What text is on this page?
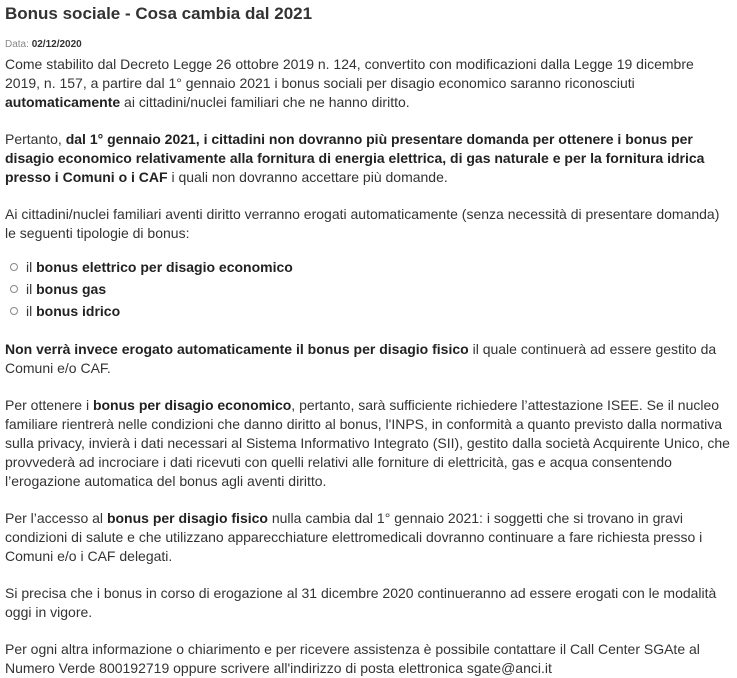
Bonus sociale - Cosa cambia dal 2021
Data: 02/12/2020

Come stabilito dal Decreto Legge 26 ottobre 2019 n. 124, convertito con modificazioni dalla Legge 19 dicembre 2019, n. 157, a partire dal 1° gennaio 2021 i bonus sociali per disagio economico saranno riconosciuti automaticamente ai cittadini/nuclei familiari che ne hanno diritto.

Pertanto, dal 1° gennaio 2021, i cittadini non dovranno più presentare domanda per ottenere i bonus per disagio economico relativamente alla fornitura di energia elettrica, di gas naturale e per la fornitura idrica presso i Comuni o i CAF i quali non dovranno accettare più domande.

Ai cittadini/nuclei familiari aventi diritto verranno erogati automaticamente (senza necessità di presentare domanda) le seguenti tipologie di bonus:

il
bonus elettrico per disagio economico
il
bonus gas
il
bonus idrico

Non verrà invece erogato automaticamente il bonus per disagio fisico il quale continuerà ad essere gestito da Comuni e/o CAF.

Per ottenere i bonus per disagio economico, pertanto, sarà sufficiente richiedere l’attestazione ISEE. Se il nucleo familiare rientrerà nelle condizioni che danno diritto al bonus, l'INPS, in conformità a quanto previsto dalla normativa sulla privacy, invierà i dati necessari al Sistema Informativo Integrato (SII), gestito dalla società Acquirente Unico, che provvederà ad incrociare i dati ricevuti con quelli relativi alle forniture di elettricità, gas e acqua consentendo l’erogazione automatica del bonus agli aventi diritto.

Per l’accesso al bonus per disagio fisico nulla cambia dal 1° gennaio 2021: i soggetti che si trovano in gravi condizioni di salute e che utilizzano apparecchiature elettromedicali dovranno continuare a fare richiesta presso i Comuni e/o i CAF delegati.

Si precisa che i bonus in corso di erogazione al 31 dicembre 2020 continueranno ad essere erogati con le modalità oggi in vigore.

Per ogni altra informazione o chiarimento e per ricevere assistenza è possibile contattare il Call Center SGAte al Numero Verde 800192719 oppure scrivere all'indirizzo di posta elettronica sgate@anci.it
